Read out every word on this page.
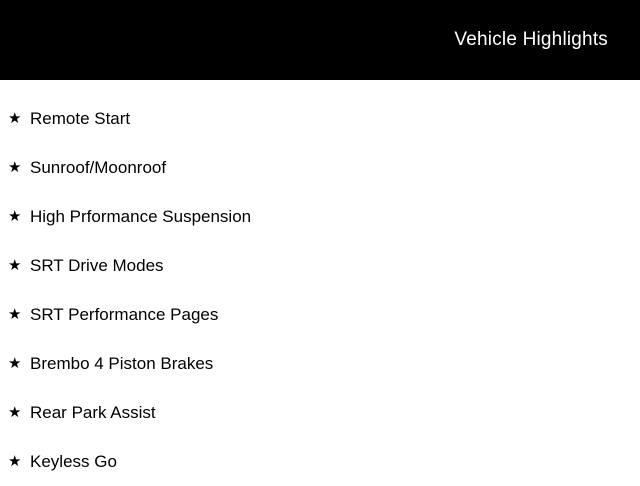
Vehicle Highlights
★ Remote Start
★ Sunroof/Moonroof
★ High Prformance Suspension
★ SRT Drive Modes
★ SRT Performance Pages
★ Brembo 4 Piston Brakes
★ Rear Park Assist
★ Keyless Go
